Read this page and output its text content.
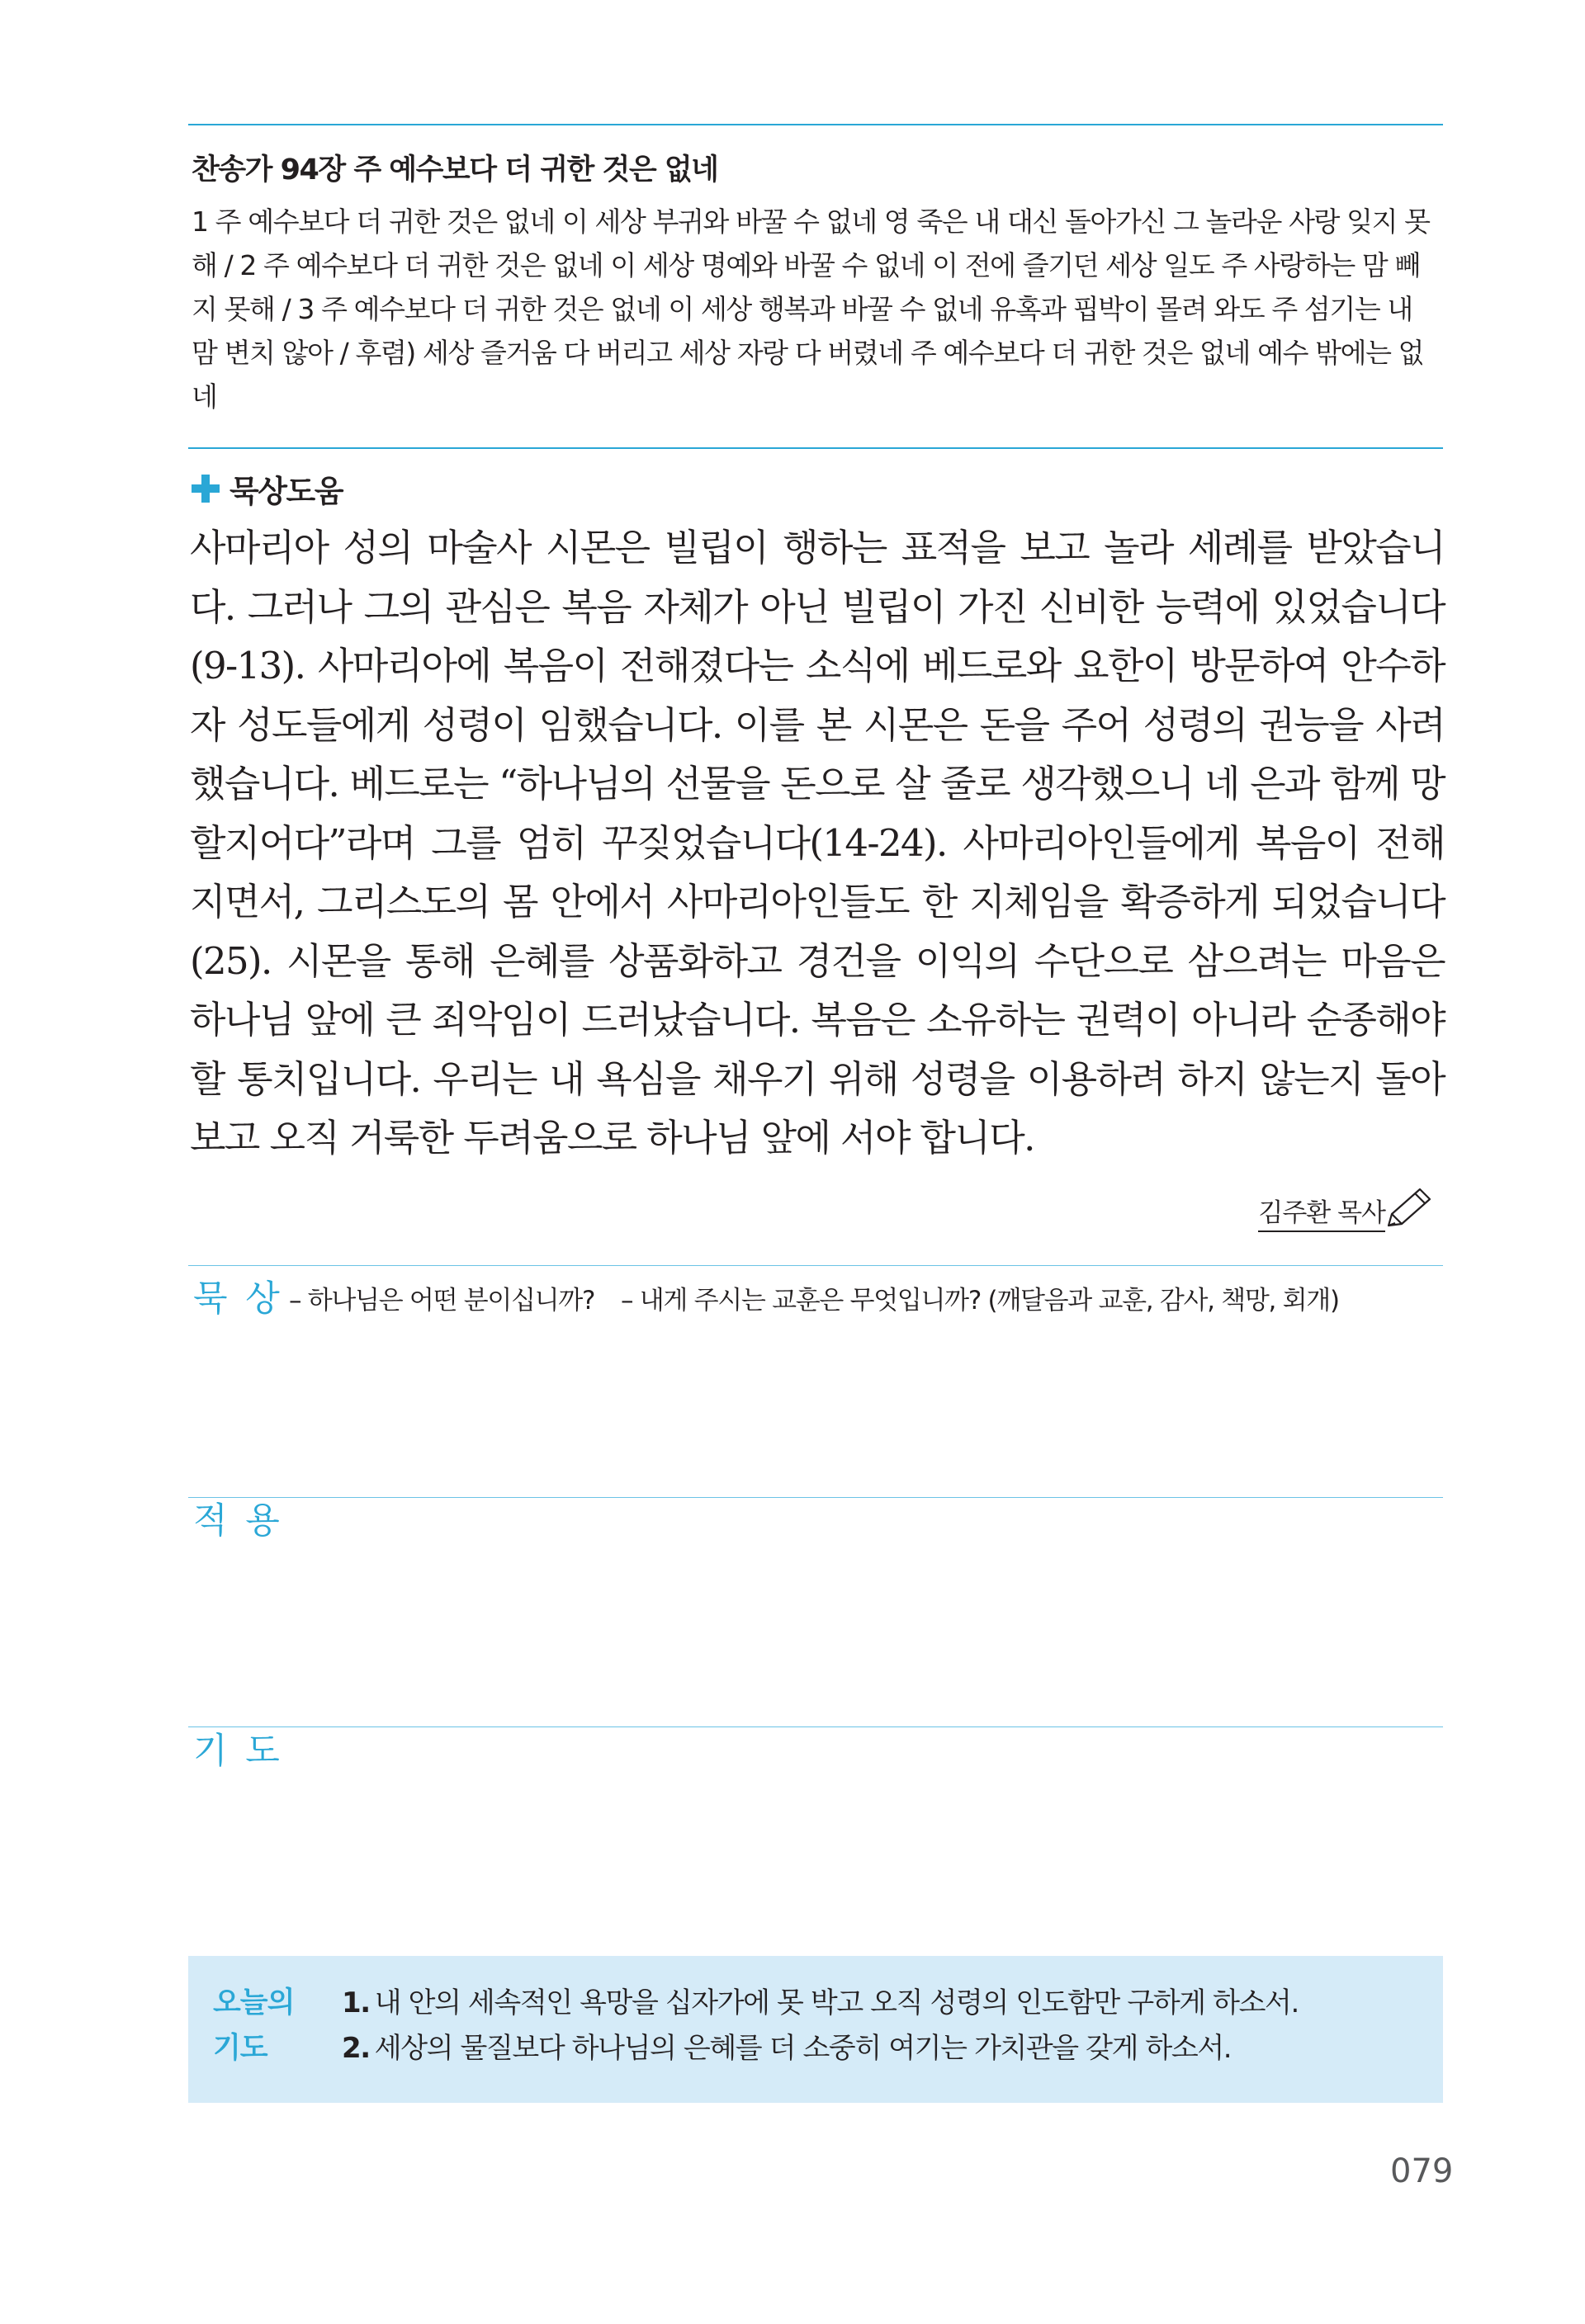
찬송가 94장 주 예수보다 더 귀한 것은 없네

1 주 예수보다 더 귀한 것은 없네 이 세상 부귀와 바꿀 수 없네 영 죽은 내 대신 돌아가신 그 놀라운 사랑 잊지 못해 / 2 주 예수보다 더 귀한 것은 없네 이 세상 명예와 바꿀 수 없네 이 전에 즐기던 세상 일도 주 사랑하는 맘 빼지 못해 / 3 주 예수보다 더 귀한 것은 없네 이 세상 행복과 바꿀 수 없네 유혹과 핍박이 몰려 와도 주 섬기는 내 맘 변치 않아 / 후렴) 세상 즐거움 다 버리고 세상 자랑 다 버렸네 주 예수보다 더 귀한 것은 없네 예수 밖에는 없네

묵상도움

사마리아 성의 마술사 시몬은 빌립이 행하는 표적을 보고 놀라 세례를 받았습니다. 그러나 그의 관심은 복음 자체가 아닌 빌립이 가진 신비한 능력에 있었습니다(9-13). 사마리아에 복음이 전해졌다는 소식에 베드로와 요한이 방문하여 안수하자 성도들에게 성령이 임했습니다. 이를 본 시몬은 돈을 주어 성령의 권능을 사려 했습니다. 베드로는 “하나님의 선물을 돈으로 살 줄로 생각했으니 네 은과 함께 망할지어다”라며 그를 엄히 꾸짖었습니다(14-24). 사마리아인들에게 복음이 전해지면서, 그리스도의 몸 안에서 사마리아인들도 한 지체임을 확증하게 되었습니다(25). 시몬을 통해 은혜를 상품화하고 경건을 이익의 수단으로 삼으려는 마음은 하나님 앞에 큰 죄악임이 드러났습니다. 복음은 소유하는 권력이 아니라 순종해야 할 통치입니다. 우리는 내 욕심을 채우기 위해 성령을 이용하려 하지 않는지 돌아보고 오직 거룩한 두려움으로 하나님 앞에 서야 합니다.

김주환 목사
묵 상 – 하나님은 어떤 분이십니까? – 내게 주시는 교훈은 무엇입니까? (깨달음과 교훈, 감사, 책망, 회개)
적 용
기 도
오늘의
기도
1. 내 안의 세속적인 욕망을 십자가에 못 박고 오직 성령의 인도함만 구하게 하소서.
2. 세상의 물질보다 하나님의 은혜를 더 소중히 여기는 가치관을 갖게 하소서.
079
